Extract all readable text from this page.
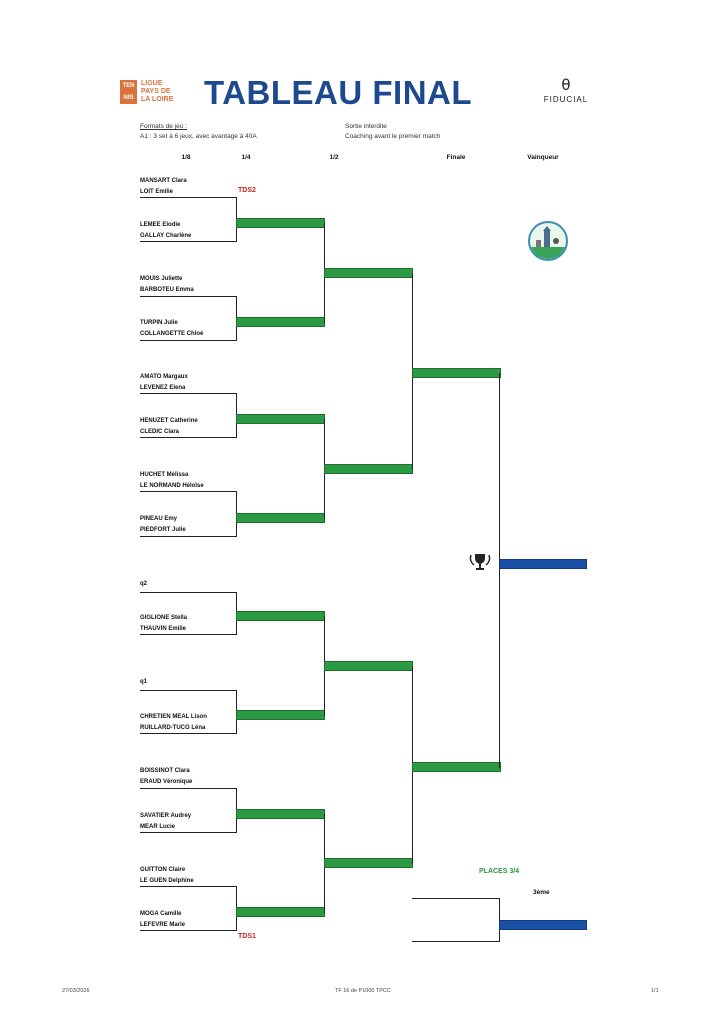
TEN
NIS
LIGUE
PAYS DE
LA LOIRE TABLEAU FINAL	θ
FIDUCIAL
Formats de jeu :
A1 : 3 set à 6 jeux, avec avantage à 40A
Sortie interdite
Coaching avant le premier match
1/8	1/4	1/2	Finale	Vainqueur
MANSART Clara
LOIT Emilie
LEMEE Elodie
GALLAY Charlène
MOUIS Juliette
BARBOTEU Emma
TURPIN Julie
COLLANGETTE Chloé
AMATO Margaux
LEVENEZ Elena
HENUZET Catherine
CLEDIC Clara
HUCHET Mélissa
LE NORMAND Héloïse
PINEAU Emy
PIEDFORT Julie
q2
GIGLIONE Stella
THAUVIN Emilie
q1
CHRETIEN MEAL Lison
RUILLARD-TUCO Léna
BOISSINOT Clara
ERAUD Véronique
SAVATIER Audrey
MEAR Lucie
GUITTON Claire
LE GUEN Delphine
MOGA Camille
LEFEVRE Marie
TDS2
TDS1
PLACES 3/4
3ème
27/03/2026	TF 16 de P1000 TPCC	1/1
